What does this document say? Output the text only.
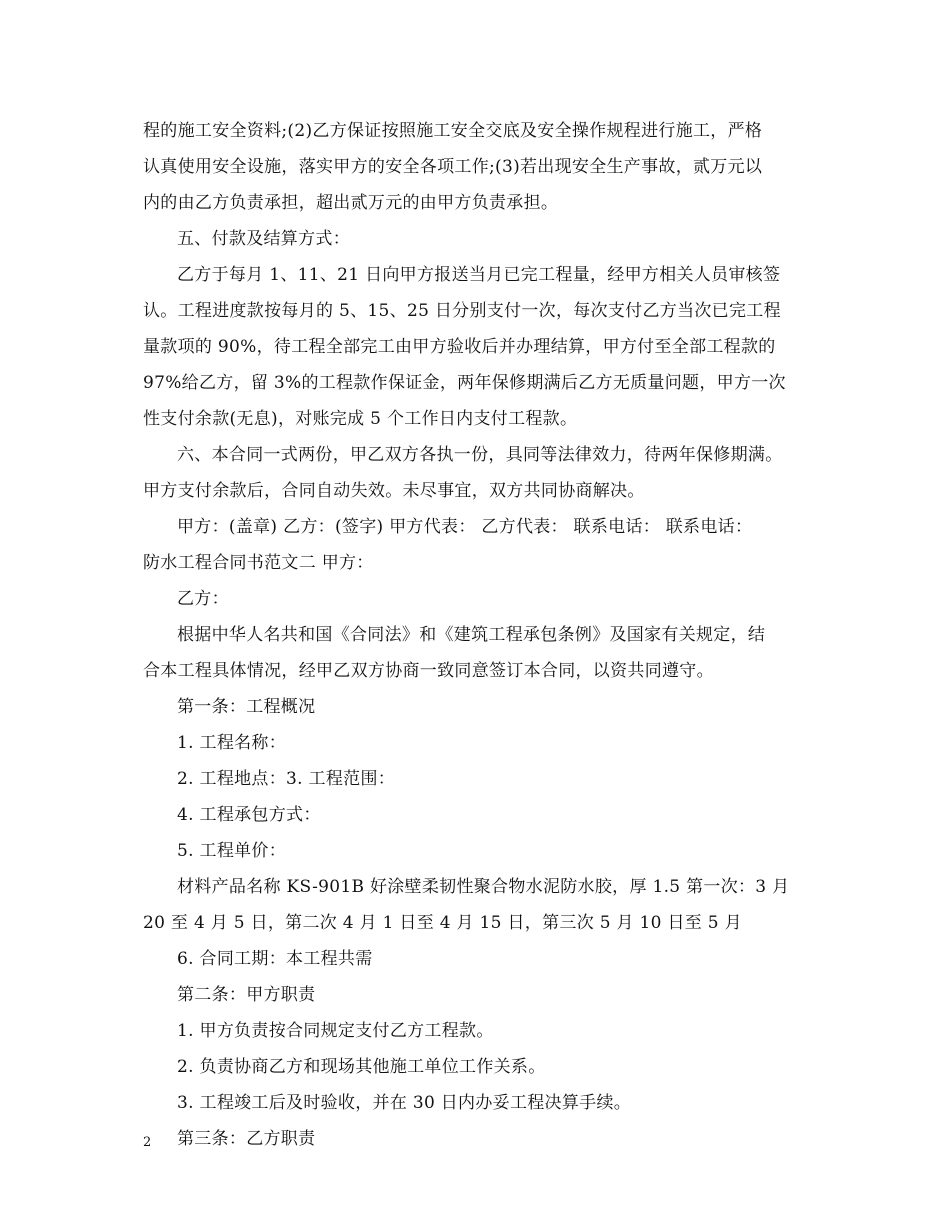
程的施工安全资料;(2)乙方保证按照施工安全交底及安全操作规程进行施工，严格
认真使用安全设施，落实甲方的安全各项工作;(3)若出现安全生产事故，贰万元以
内的由乙方负责承担，超出贰万元的由甲方负责承担。
五、付款及结算方式：
乙方于每月 1、11、21 日向甲方报送当月已完工程量，经甲方相关人员审核签
认。工程进度款按每月的 5、15、25 日分别支付一次，每次支付乙方当次已完工程
量款项的 90%，待工程全部完工由甲方验收后并办理结算，甲方付至全部工程款的
97%给乙方，留 3%的工程款作保证金，两年保修期满后乙方无质量问题，甲方一次
性支付余款(无息)，对账完成 5 个工作日内支付工程款。
六、本合同一式两份，甲乙双方各执一份，具同等法律效力，待两年保修期满。
甲方支付余款后，合同自动失效。未尽事宜，双方共同协商解决。
甲方：(盖章) 乙方：(签字) 甲方代表： 乙方代表： 联系电话： 联系电话：
防水工程合同书范文二 甲方：
乙方：
根据中华人名共和国《合同法》和《建筑工程承包条例》及国家有关规定，结
合本工程具体情况，经甲乙双方协商一致同意签订本合同，以资共同遵守。
第一条：工程概况
1. 工程名称：
2. 工程地点：3. 工程范围：
4. 工程承包方式：
5. 工程单价：
材料产品名称 KS-901B 好涂壁柔韧性聚合物水泥防水胶，厚 1.5 第一次：3 月
20 至 4 月 5 日，第二次 4 月 1 日至 4 月 15 日，第三次 5 月 10 日至 5 月
6. 合同工期：本工程共需
第二条：甲方职责
1. 甲方负责按合同规定支付乙方工程款。
2. 负责协商乙方和现场其他施工单位工作关系。
3. 工程竣工后及时验收，并在 30 日内办妥工程决算手续。
第三条：乙方职责
2
